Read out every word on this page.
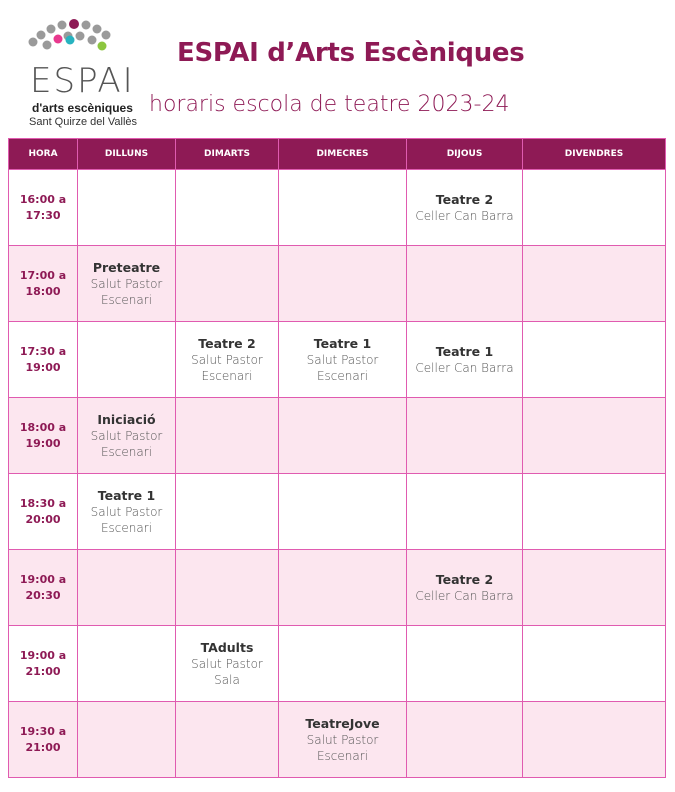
ESPAI
d'arts escèniques
Sant Quirze del Vallès
ESPAI d’Arts Escèniques
horaris escola de teatre 2023-24
HORA	DILLUNS	DIMARTS	DIMECRES	DIJOUS	DIVENDRES

16:00 a
17:30				Teatre 2
Celler Can Barra	

17:00 a
18:00	Preteatre
Salut Pastor
Escenari				

17:30 a
19:00		Teatre 2
Salut Pastor
Escenari	Teatre 1
Salut Pastor
Escenari	Teatre 1
Celler Can Barra	

18:00 a
19:00	Iniciació
Salut Pastor
Escenari				

18:30 a
20:00	Teatre 1
Salut Pastor
Escenari				

19:00 a
20:30				Teatre 2
Celler Can Barra	

19:00 a
21:00		TAdults
Salut Pastor
Sala			

19:30 a
21:00			TeatreJove
Salut Pastor
Escenari		
